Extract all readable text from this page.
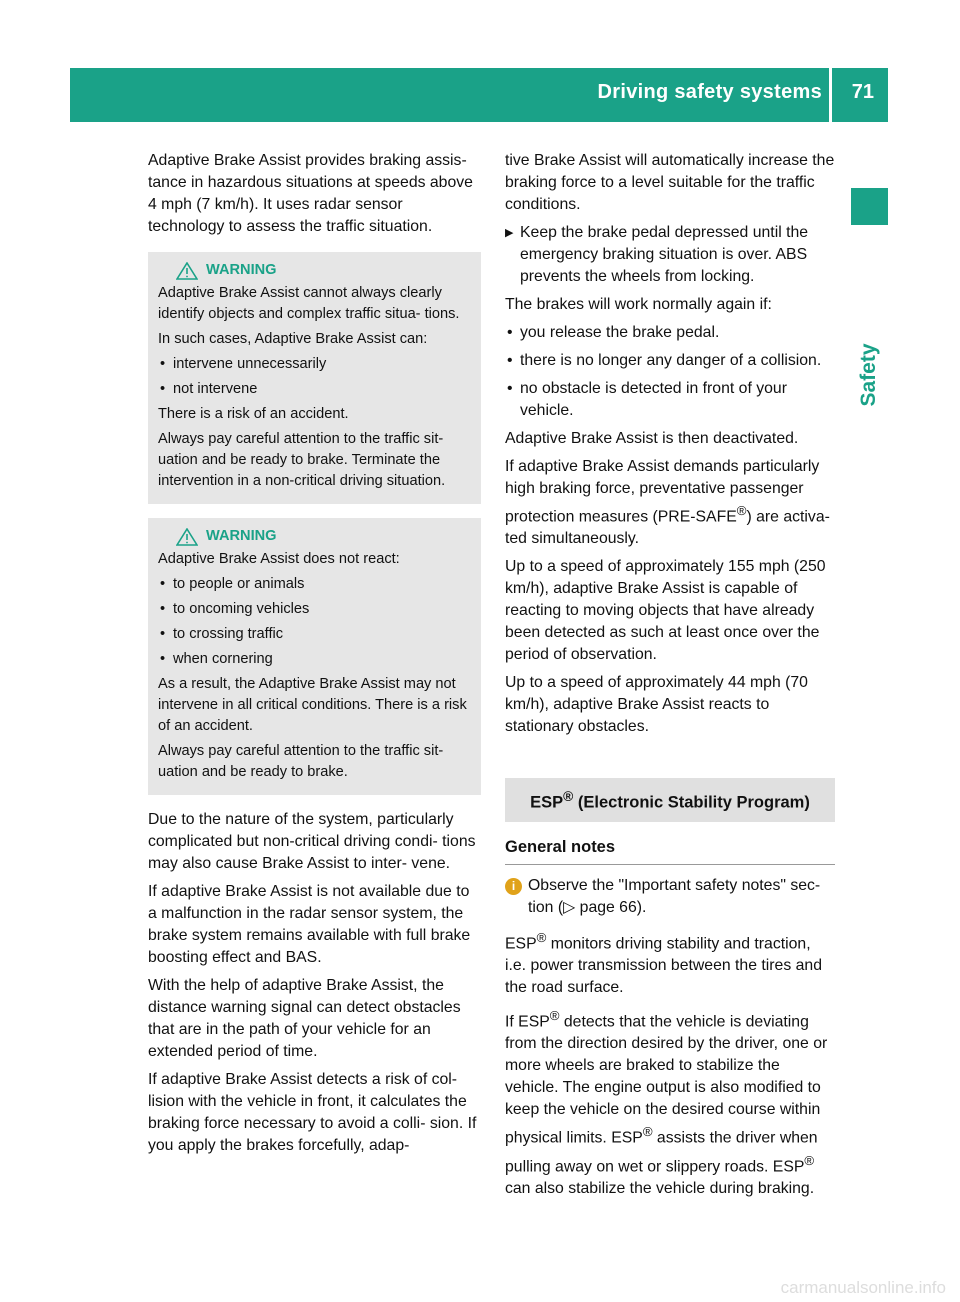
Driving safety systems 71
Safety

Adaptive Brake Assist provides braking assis- tance in hazardous situations at speeds above 4 mph (7 km/h). It uses radar sensor technology to assess the traffic situation.

WARNING

Adaptive Brake Assist cannot always clearly identify objects and complex traffic situa- tions.

In such cases, Adaptive Brake Assist can:

• intervene unnecessarily
• not intervene

There is a risk of an accident.

Always pay careful attention to the traffic sit- uation and be ready to brake. Terminate the intervention in a non-critical driving situation.

WARNING

Adaptive Brake Assist does not react:

• to people or animals
• to oncoming vehicles
• to crossing traffic
• when cornering

As a result, the Adaptive Brake Assist may not intervene in all critical conditions. There is a risk of an accident.

Always pay careful attention to the traffic sit- uation and be ready to brake.

Due to the nature of the system, particularly complicated but non-critical driving condi- tions may also cause Brake Assist to inter- vene.

If adaptive Brake Assist is not available due to a malfunction in the radar sensor system, the brake system remains available with full brake boosting effect and BAS.

With the help of adaptive Brake Assist, the distance warning signal can detect obstacles that are in the path of your vehicle for an extended period of time.

If adaptive Brake Assist detects a risk of col- lision with the vehicle in front, it calculates the braking force necessary to avoid a colli- sion. If you apply the brakes forcefully, adap-

tive Brake Assist will automatically increase the braking force to a level suitable for the traffic conditions.

▶ Keep the brake pedal depressed until the emergency braking situation is over. ABS prevents the wheels from locking.

The brakes will work normally again if:

• you release the brake pedal.
• there is no longer any danger of a collision.
• no obstacle is detected in front of your vehicle.

Adaptive Brake Assist is then deactivated.

If adaptive Brake Assist demands particularly high braking force, preventative passenger protection measures (PRE-SAFE®) are activa- ted simultaneously.

Up to a speed of approximately 155 mph (250 km/h), adaptive Brake Assist is capable of reacting to moving objects that have already been detected as such at least once over the period of observation.

Up to a speed of approximately 44 mph (70 km/h), adaptive Brake Assist reacts to stationary obstacles.

ESP® (Electronic Stability Program)
General notes
i Observe the "Important safety notes" sec- tion (▷ page 66).

ESP® monitors driving stability and traction, i.e. power transmission between the tires and the road surface.

If ESP® detects that the vehicle is deviating from the direction desired by the driver, one or more wheels are braked to stabilize the vehicle. The engine output is also modified to keep the vehicle on the desired course within physical limits. ESP® assists the driver when pulling away on wet or slippery roads. ESP® can also stabilize the vehicle during braking.

carmanualsonline.info
